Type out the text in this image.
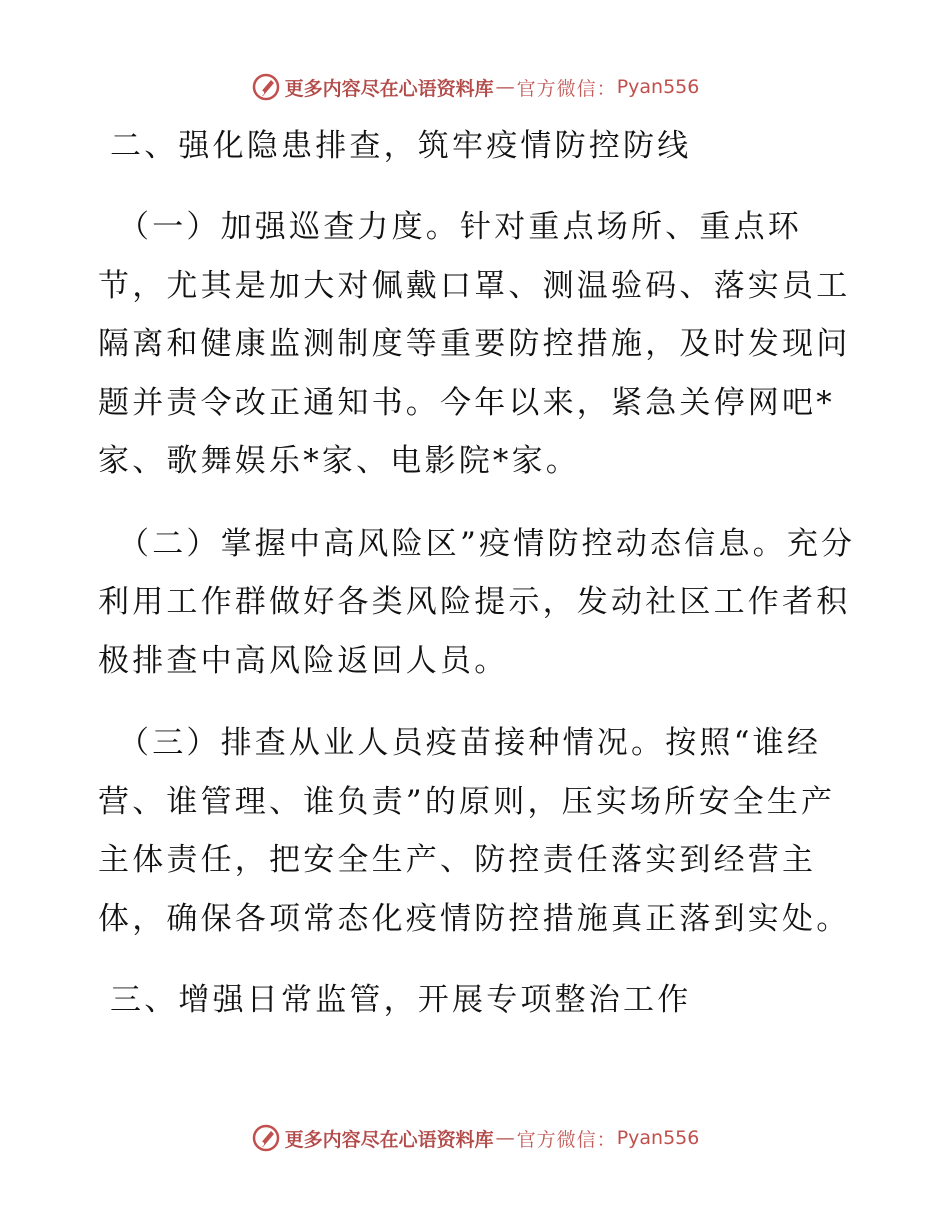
更多内容尽在心语资料库 — 官方微信： Pyan556

二、强化隐患排查，筑牢疫情防控防线

（一）加强巡查力度。针对重点场所、重点环节，尤其是加大对佩戴口罩、测温验码、落实员工隔离和健康监测制度等重要防控措施，及时发现问题并责令改正通知书。今年以来，紧急关停网吧*家、歌舞娱乐*家、电影院*家。

（二）掌握中高风险区”疫情防控动态信息。充分利用工作群做好各类风险提示，发动社区工作者积极排查中高风险返回人员。

（三）排查从业人员疫苗接种情况。按照“谁经营、谁管理、谁负责”的原则，压实场所安全生产主体责任，把安全生产、防控责任落实到经营主体，确保各项常态化疫情防控措施真正落到实处。

三、增强日常监管，开展专项整治工作

更多内容尽在心语资料库 — 官方微信： Pyan556
